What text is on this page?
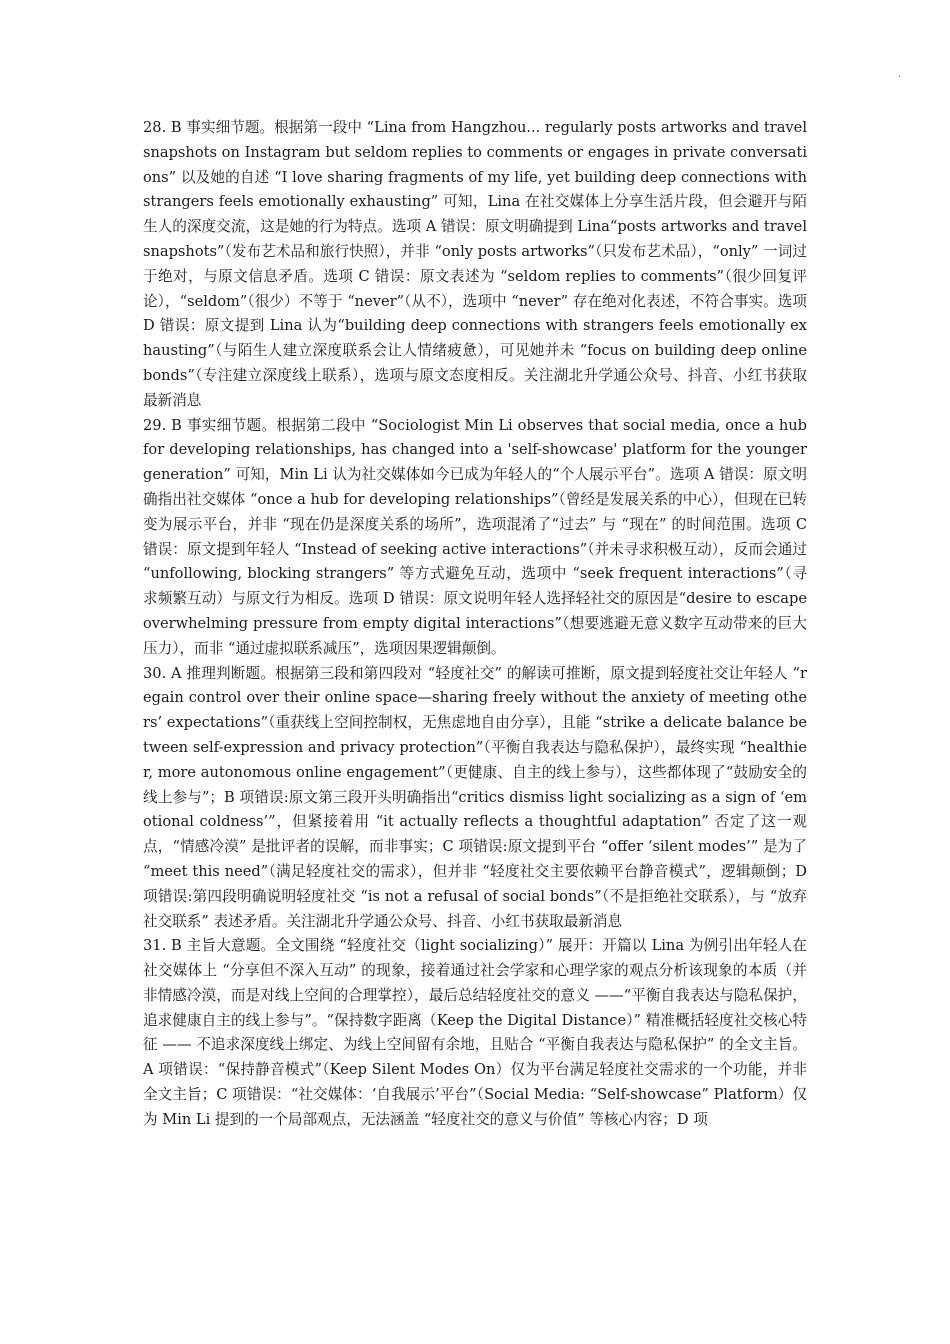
.

28. B 事实细节题。根据第一段中 “Lina from Hangzhou... regularly posts artworks and travel snapshots on Instagram but seldom replies to comments or engages in private conversations” 以及她的自述 “I love sharing fragments of my life, yet building deep connections with strangers feels emotionally exhausting” 可知，Lina 在社交媒体上分享生活片段，但会避开与陌生人的深度交流，这是她的行为特点。选项 A 错误：原文明确提到 Lina“posts artworks and travel snapshots”（发布艺术品和旅行快照），并非 “only posts artworks”（只发布艺术品），“only” 一词过于绝对，与原文信息矛盾。选项 C 错误：原文表述为 “seldom replies to comments”（很少回复评论），“seldom”（很少）不等于 “never”（从不），选项中 “never” 存在绝对化表述，不符合事实。选项 D 错误：原文提到 Lina 认为“building deep connections with strangers feels emotionally exhausting”（与陌生人建立深度联系会让人情绪疲惫），可见她并未 “focus on building deep online bonds”（专注建立深度线上联系），选项与原文态度相反。关注湖北升学通公众号、抖音、小红书获取最新消息

29. B 事实细节题。根据第二段中 “Sociologist Min Li observes that social media, once a hub for developing relationships, has changed into a 'self-showcase' platform for the younger generation” 可知，Min Li 认为社交媒体如今已成为年轻人的“个人展示平台”。选项 A 错误：原文明确指出社交媒体 “once a hub for developing relationships”（曾经是发展关系的中心），但现在已转变为展示平台，并非 “现在仍是深度关系的场所”，选项混淆了“过去” 与 “现在” 的时间范围。选项 C 错误：原文提到年轻人 “Instead of seeking active interactions”（并未寻求积极互动），反而会通过 “unfollowing, blocking strangers” 等方式避免互动，选项中 “seek frequent interactions”（寻求频繁互动）与原文行为相反。选项 D 错误：原文说明年轻人选择轻社交的原因是“desire to escape overwhelming pressure from empty digital interactions”（想要逃避无意义数字互动带来的巨大压力），而非 “通过虚拟联系减压”，选项因果逻辑颠倒。

30. A 推理判断题。根据第三段和第四段对 “轻度社交” 的解读可推断，原文提到轻度社交让年轻人 “regain control over their online space—sharing freely without the anxiety of meeting others’ expectations”（重获线上空间控制权，无焦虑地自由分享），且能 “strike a delicate balance between self-expression and privacy protection”（平衡自我表达与隐私保护），最终实现 “healthier, more autonomous online engagement”（更健康、自主的线上参与），这些都体现了“鼓励安全的线上参与”；B 项错误:原文第三段开头明确指出“critics dismiss light socializing as a sign of ‘emotional coldness’”，但紧接着用 “it actually reflects a thoughtful adaptation” 否定了这一观点，“情感冷漠” 是批评者的误解，而非事实；C 项错误:原文提到平台 “offer ‘silent modes’” 是为了 “meet this need”（满足轻度社交的需求），但并非 “轻度社交主要依赖平台静音模式”，逻辑颠倒；D 项错误:第四段明确说明轻度社交 “is not a refusal of social bonds”（不是拒绝社交联系），与 “放弃社交联系” 表述矛盾。关注湖北升学通公众号、抖音、小红书获取最新消息

31. B 主旨大意题。全文围绕 “轻度社交（light socializing）” 展开：开篇以 Lina 为例引出年轻人在社交媒体上 “分享但不深入互动” 的现象，接着通过社会学家和心理学家的观点分析该现象的本质（并非情感冷漠，而是对线上空间的合理掌控），最后总结轻度社交的意义 ——“平衡自我表达与隐私保护，追求健康自主的线上参与”。“保持数字距离（Keep the Digital Distance）” 精准概括轻度社交核心特征 —— 不追求深度线上绑定、为线上空间留有余地，且贴合 “平衡自我表达与隐私保护” 的全文主旨。A 项错误：“保持静音模式”（Keep Silent Modes On）仅为平台满足轻度社交需求的一个功能，并非全文主旨；C 项错误：“社交媒体：‘自我展示’平台”（Social Media: “Self-showcase” Platform）仅为 Min Li 提到的一个局部观点，无法涵盖 “轻度社交的意义与价值” 等核心内容；D 项
